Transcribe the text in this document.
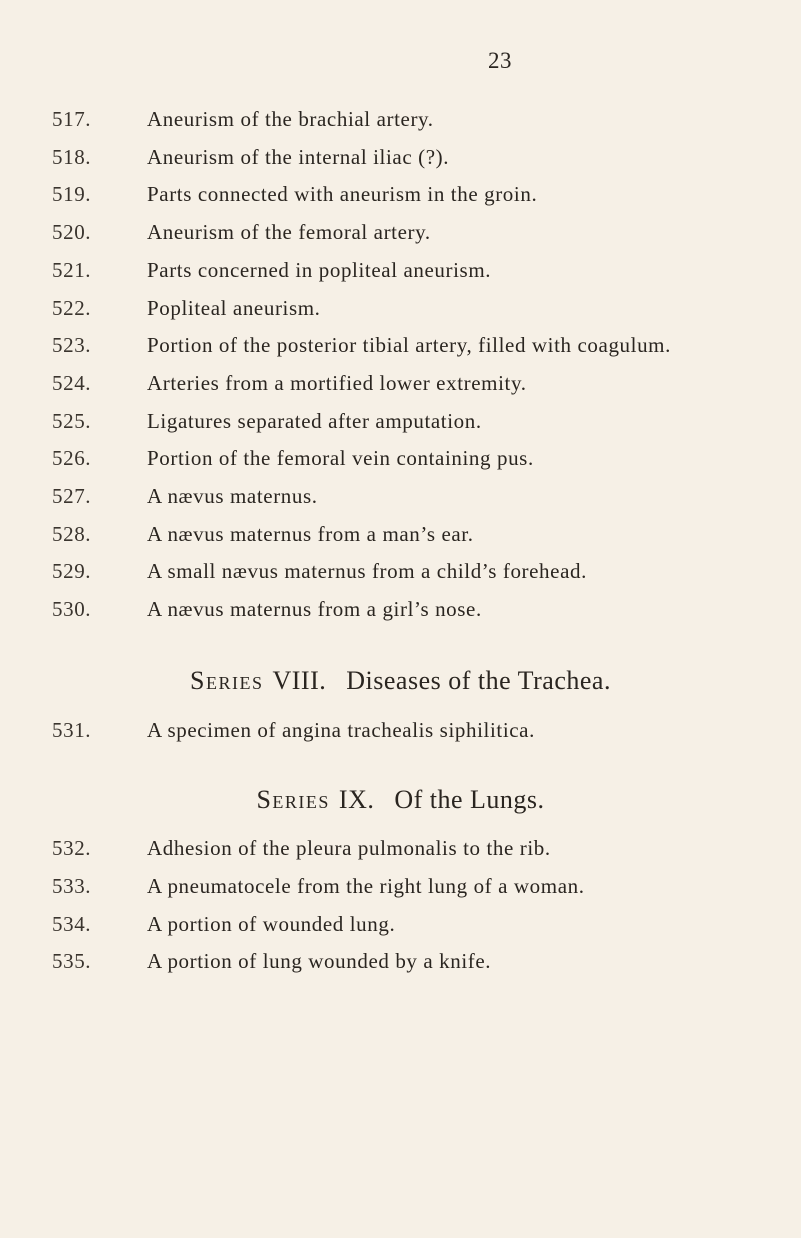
23
517.	Aneurism of the brachial artery.
518.	Aneurism of the internal iliac (?).
519.	Parts connected with aneurism in the groin.
520.	Aneurism of the femoral artery.
521.	Parts concerned in popliteal aneurism.
522.	Popliteal aneurism.
523.	Portion of the posterior tibial artery, filled with coagulum.
524.	Arteries from a mortified lower extremity.
525.	Ligatures separated after amputation.
526.	Portion of the femoral vein containing pus.
527.	A nævus maternus.
528.	A nævus maternus from a man’s ear.
529.	A small nævus maternus from a child’s forehead.
530.	A nævus maternus from a girl’s nose.
Series VIII. Diseases of the Trachea.
531.	A specimen of angina trachealis siphilitica.
Series IX. Of the Lungs.
532.	Adhesion of the pleura pulmonalis to the rib.
533.	A pneumatocele from the right lung of a woman.
534.	A portion of wounded lung.
535.	A portion of lung wounded by a knife.
